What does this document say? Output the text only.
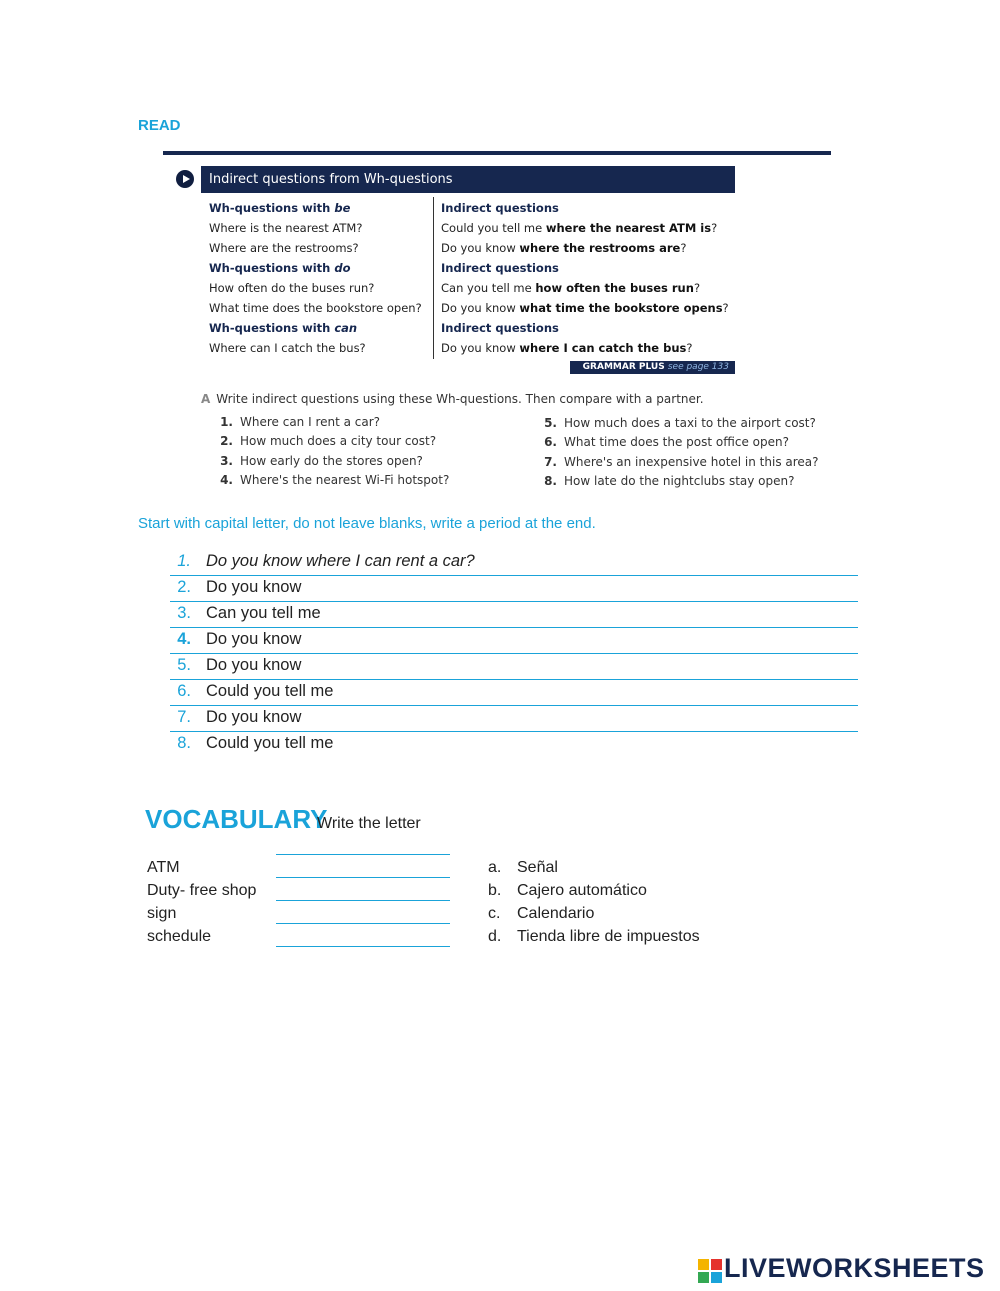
READ
Indirect questions from Wh-questions
Wh-questions with be
Where is the nearest ATM?
Where are the restrooms?
Wh-questions with do
How often do the buses run?
What time does the bookstore open?
Wh-questions with can
Where can I catch the bus?
Indirect questions
Could you tell me where the nearest ATM is?
Do you know where the restrooms are?
Indirect questions
Can you tell me how often the buses run?
Do you know what time the bookstore opens?
Indirect questions
Do you know where I can catch the bus?
GRAMMAR PLUS see page 133
A Write indirect questions using these Wh-questions. Then compare with a partner.
1. Where can I rent a car?
2. How much does a city tour cost?
3. How early do the stores open?
4. Where's the nearest Wi-Fi hotspot?
5. How much does a taxi to the airport cost?
6. What time does the post office open?
7. Where's an inexpensive hotel in this area?
8. How late do the nightclubs stay open?
Start with capital letter, do not leave blanks, write a period at the end.
1. Do you know where I can rent a car?
2. Do you know
3. Can you tell me
4. Do you know
5. Do you know
6. Could you tell me
7. Do you know
8. Could you tell me
VOCABULARY
Write the letter
ATM
Duty- free shop
sign
schedule
a. Señal
b. Cajero automático
c. Calendario
d. Tienda libre de impuestos
LIVEWORKSHEETS
